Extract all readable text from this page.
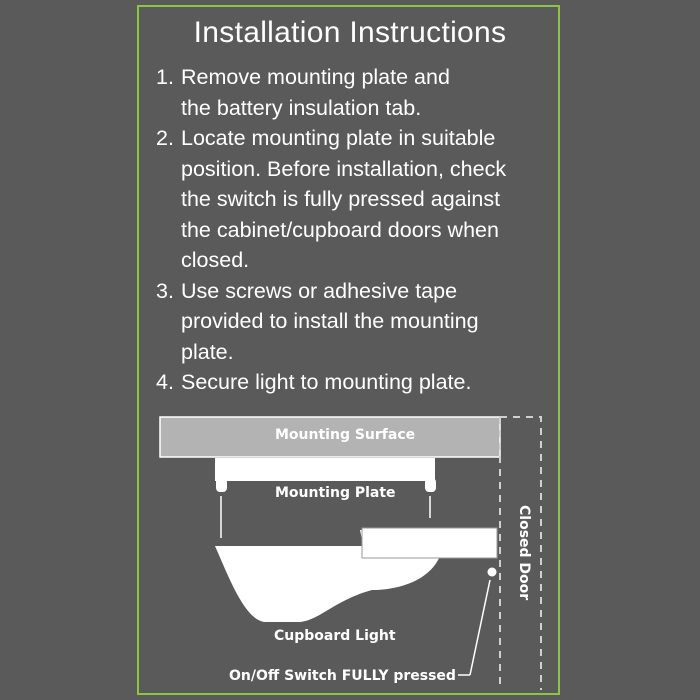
Installation Instructions
1. Remove mounting plate and
the battery insulation tab.
2. Locate mounting plate in suitable
position. Before installation, check
the switch is fully pressed against
the cabinet/cupboard doors when
closed.
3. Use screws or adhesive tape
provided to install the mounting
plate.
4. Secure light to mounting plate.
Mounting Surface
Mounting Plate
Closed Door
Cupboard Light
On/Off Switch FULLY pressed
